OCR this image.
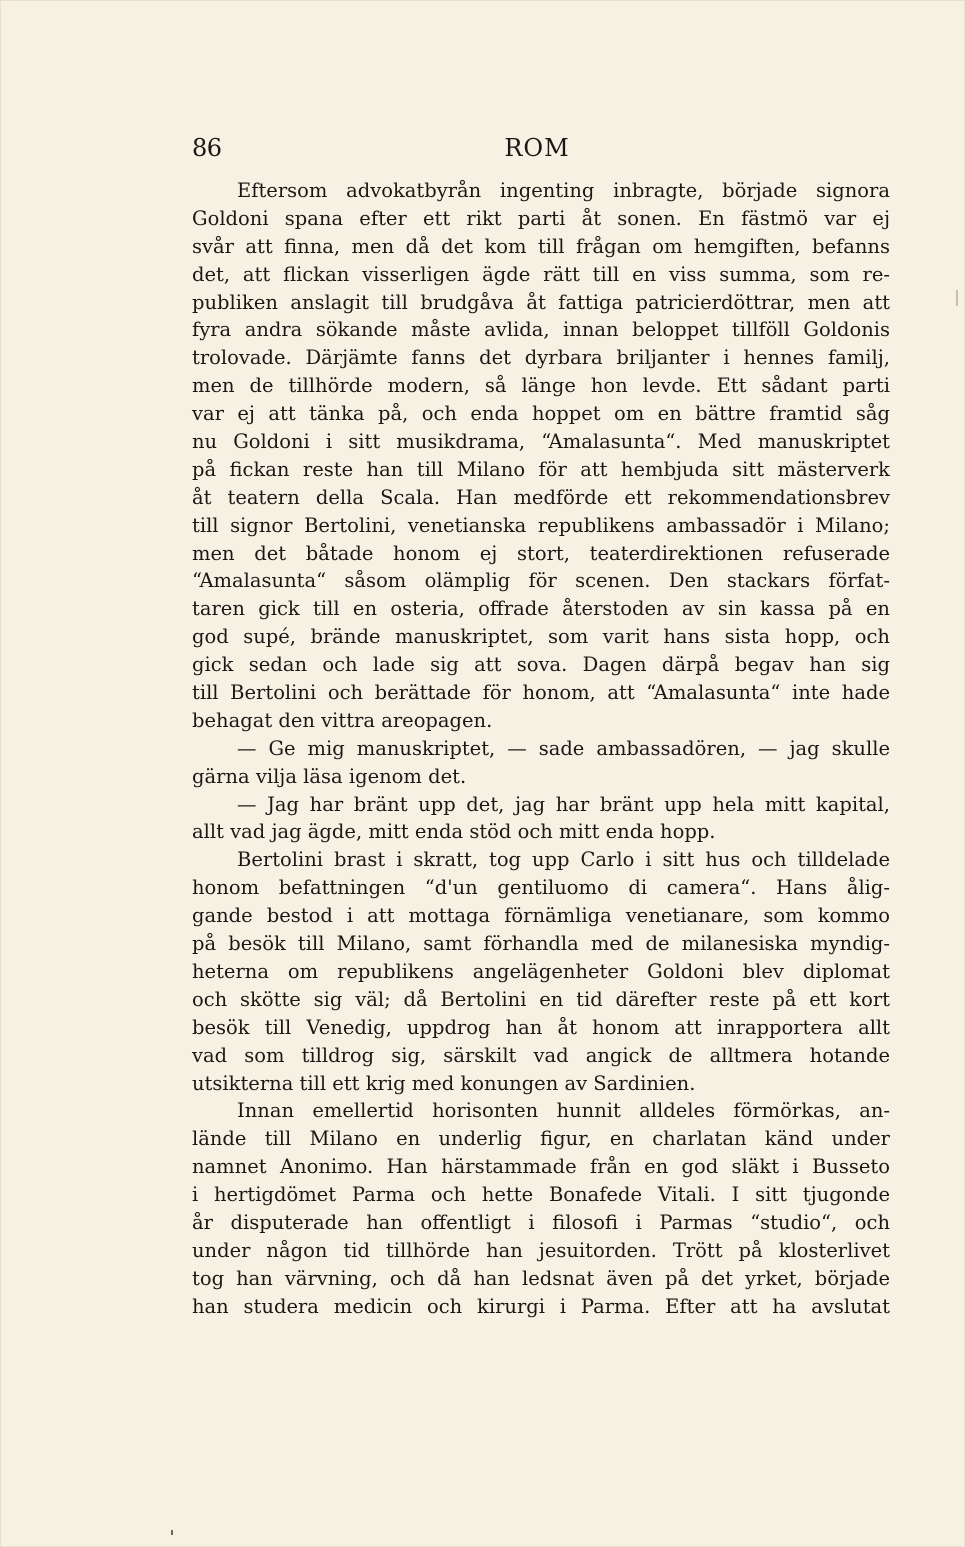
86	ROM
Eftersom advokatbyrån ingenting inbragte, började signora
Goldoni spana efter ett rikt parti åt sonen. En fästmö var ej
svår att finna, men då det kom till frågan om hemgiften, befanns
det, att flickan visserligen ägde rätt till en viss summa, som re-
publiken anslagit till brudgåva åt fattiga patricierdöttrar, men att
fyra andra sökande måste avlida, innan beloppet tillföll Goldonis
trolovade. Därjämte fanns det dyrbara briljanter i hennes familj,
men de tillhörde modern, så länge hon levde. Ett sådant parti
var ej att tänka på, och enda hoppet om en bättre framtid såg
nu Goldoni i sitt musikdrama, “Amalasunta“. Med manuskriptet
på fickan reste han till Milano för att hembjuda sitt mästerverk
åt teatern della Scala. Han medförde ett rekommendationsbrev
till signor Bertolini, venetianska republikens ambassadör i Milano;
men det båtade honom ej stort, teaterdirektionen refuserade
“Amalasunta“ såsom olämplig för scenen. Den stackars förfat-
taren gick till en osteria, offrade återstoden av sin kassa på en
god supé, brände manuskriptet, som varit hans sista hopp, och
gick sedan och lade sig att sova. Dagen därpå begav han sig
till Bertolini och berättade för honom, att “Amalasunta“ inte hade
behagat den vittra areopagen.
— Ge mig manuskriptet, — sade ambassadören, — jag skulle
gärna vilja läsa igenom det.
— Jag har bränt upp det, jag har bränt upp hela mitt kapital,
allt vad jag ägde, mitt enda stöd och mitt enda hopp.
Bertolini brast i skratt, tog upp Carlo i sitt hus och tilldelade
honom befattningen “d'un gentiluomo di camera“. Hans ålig-
gande bestod i att mottaga förnämliga venetianare, som kommo
på besök till Milano, samt förhandla med de milanesiska myndig-
heterna om republikens angelägenheter Goldoni blev diplomat
och skötte sig väl; då Bertolini en tid därefter reste på ett kort
besök till Venedig, uppdrog han åt honom att inrapportera allt
vad som tilldrog sig, särskilt vad angick de alltmera hotande
utsikterna till ett krig med konungen av Sardinien.
Innan emellertid horisonten hunnit alldeles förmörkas, an-
lände till Milano en underlig figur, en charlatan känd under
namnet Anonimo. Han härstammade från en god släkt i Busseto
i hertigdömet Parma och hette Bonafede Vitali. I sitt tjugonde
år disputerade han offentligt i filosofi i Parmas “studio“, och
under någon tid tillhörde han jesuitorden. Trött på klosterlivet
tog han värvning, och då han ledsnat även på det yrket, började
han studera medicin och kirurgi i Parma. Efter att ha avslutat
